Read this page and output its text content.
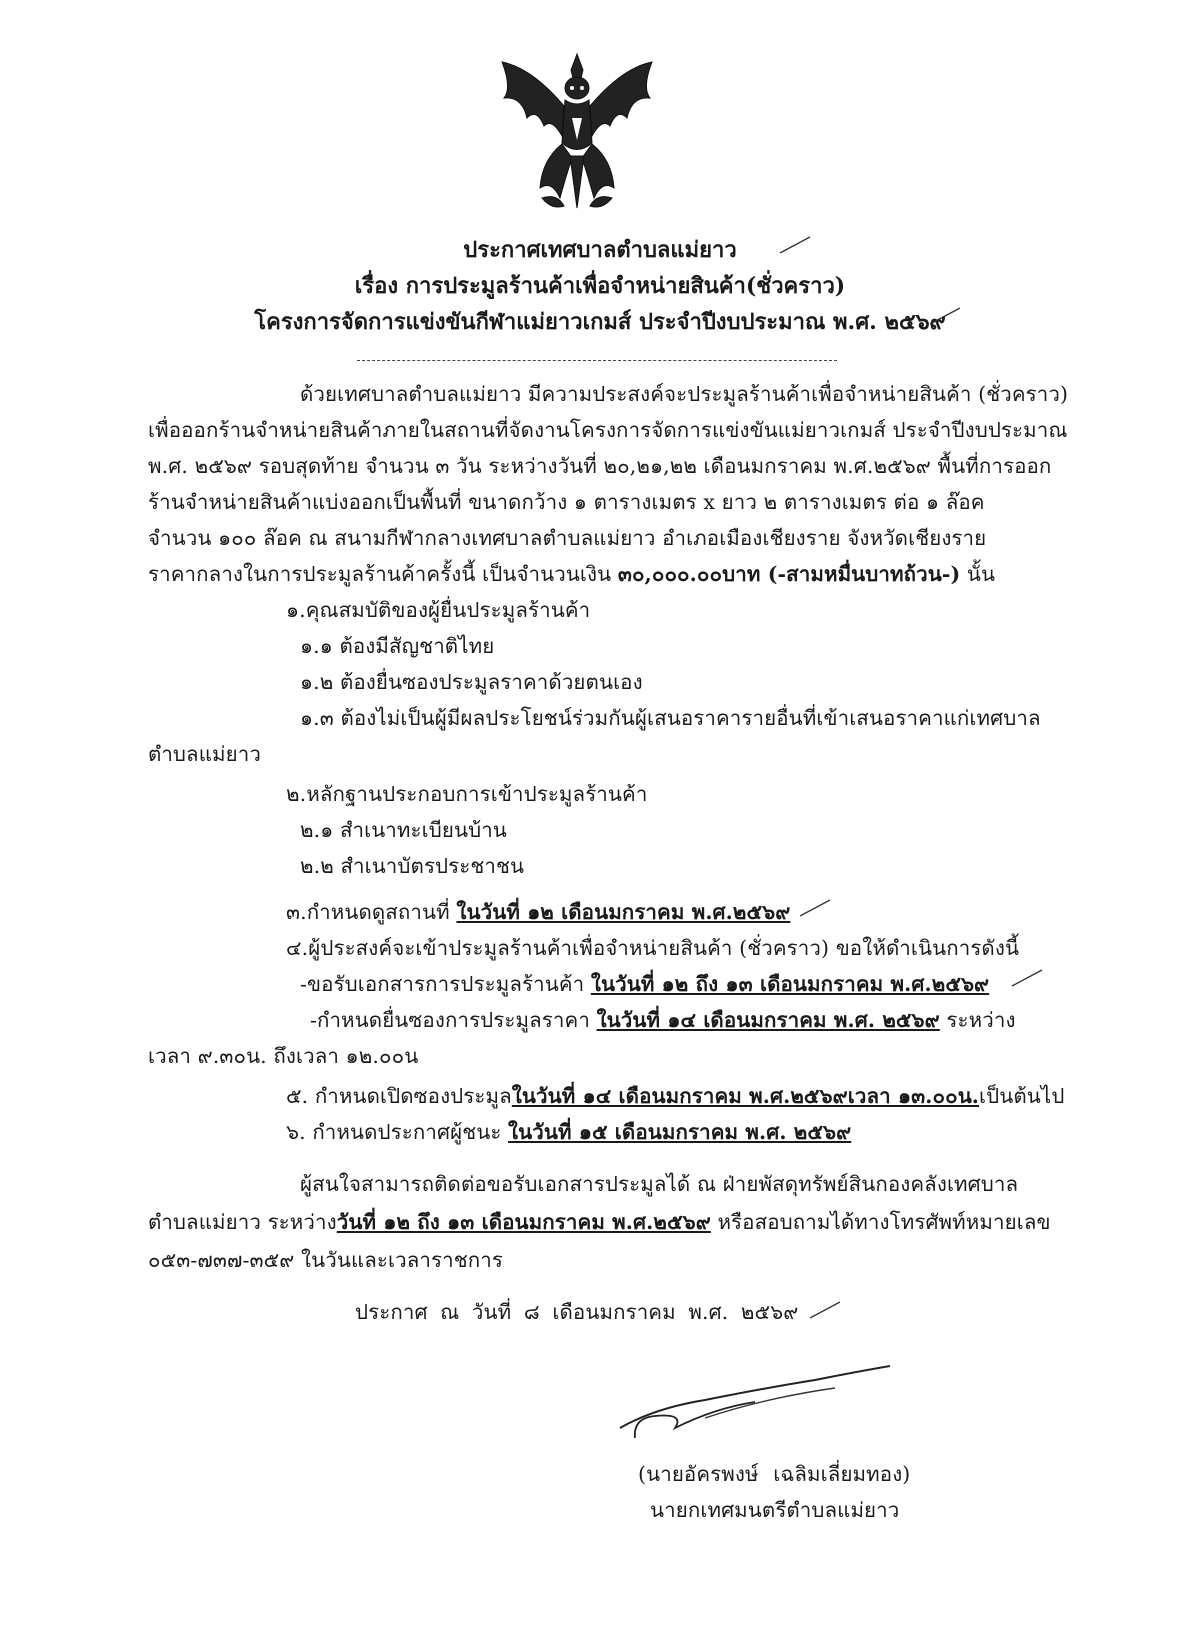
ประกาศเทศบาลตำบลแม่ยาว
เรื่อง การประมูลร้านค้าเพื่อจำหน่ายสินค้า(ชั่วคราว)
โครงการจัดการแข่งขันกีฬาแม่ยาวเกมส์ ประจำปีงบประมาณ พ.ศ. ๒๕๖๙
ด้วยเทศบาลตำบลแม่ยาว มีความประสงค์จะประมูลร้านค้าเพื่อจำหน่ายสินค้า (ชั่วคราว)
เพื่อออกร้านจำหน่ายสินค้าภายในสถานที่จัดงานโครงการจัดการแข่งขันแม่ยาวเกมส์ ประจำปีงบประมาณ
พ.ศ. ๒๕๖๙ รอบสุดท้าย จำนวน ๓ วัน ระหว่างวันที่ ๒๐,๒๑,๒๒ เดือนมกราคม พ.ศ.๒๕๖๙ พื้นที่การออก
ร้านจำหน่ายสินค้าแบ่งออกเป็นพื้นที่ ขนาดกว้าง ๑ ตารางเมตร x ยาว ๒ ตารางเมตร ต่อ ๑ ล๊อค
จำนวน ๑๐๐ ล๊อค ณ สนามกีฬากลางเทศบาลตำบลแม่ยาว อำเภอเมืองเชียงราย จังหวัดเชียงราย
ราคากลางในการประมูลร้านค้าครั้งนี้ เป็นจำนวนเงิน ๓๐,๐๐๐.๐๐บาท (-สามหมื่นบาทถ้วน-) นั้น
๑.คุณสมบัติของผู้ยื่นประมูลร้านค้า
๑.๑ ต้องมีสัญชาติไทย
๑.๒ ต้องยื่นซองประมูลราคาด้วยตนเอง
๑.๓ ต้องไม่เป็นผู้มีผลประโยชน์ร่วมกันผู้เสนอราคารายอื่นที่เข้าเสนอราคาแก่เทศบาล
ตำบลแม่ยาว
๒.หลักฐานประกอบการเข้าประมูลร้านค้า
๒.๑ สำเนาทะเบียนบ้าน
๒.๒ สำเนาบัตรประชาชน
๓.กำหนดดูสถานที่ ในวันที่ ๑๒ เดือนมกราคม พ.ศ.๒๕๖๙
๔.ผู้ประสงค์จะเข้าประมูลร้านค้าเพื่อจำหน่ายสินค้า (ชั่วคราว) ขอให้ดำเนินการดังนี้
-ขอรับเอกสารการประมูลร้านค้า ในวันที่ ๑๒ ถึง ๑๓ เดือนมกราคม พ.ศ.๒๕๖๙
-กำหนดยื่นซองการประมูลราคา ในวันที่ ๑๔ เดือนมกราคม พ.ศ. ๒๕๖๙ ระหว่าง
เวลา ๙.๓๐น. ถึงเวลา ๑๒.๐๐น
๕. กำหนดเปิดซองประมูลในวันที่ ๑๔ เดือนมกราคม พ.ศ.๒๕๖๙เวลา ๑๓.๐๐น.เป็นต้นไป
๖. กำหนดประกาศผู้ชนะ ในวันที่ ๑๕ เดือนมกราคม พ.ศ. ๒๕๖๙
ผู้สนใจสามารถติดต่อขอรับเอกสารประมูลได้ ณ ฝ่ายพัสดุทรัพย์สินกองคลังเทศบาล
ตำบลแม่ยาว ระหว่างวันที่ ๑๒ ถึง ๑๓ เดือนมกราคม พ.ศ.๒๕๖๙ หรือสอบถามได้ทางโทรศัพท์หมายเลข
๐๕๓-๗๓๗-๓๕๙ ในวันและเวลาราชการ
ประกาศ ณ วันที่ ๘ เดือนมกราคม พ.ศ. ๒๕๖๙
(นายอัครพงษ์ เฉลิมเลี่ยมทอง)
นายกเทศมนตรีตำบลแม่ยาว
